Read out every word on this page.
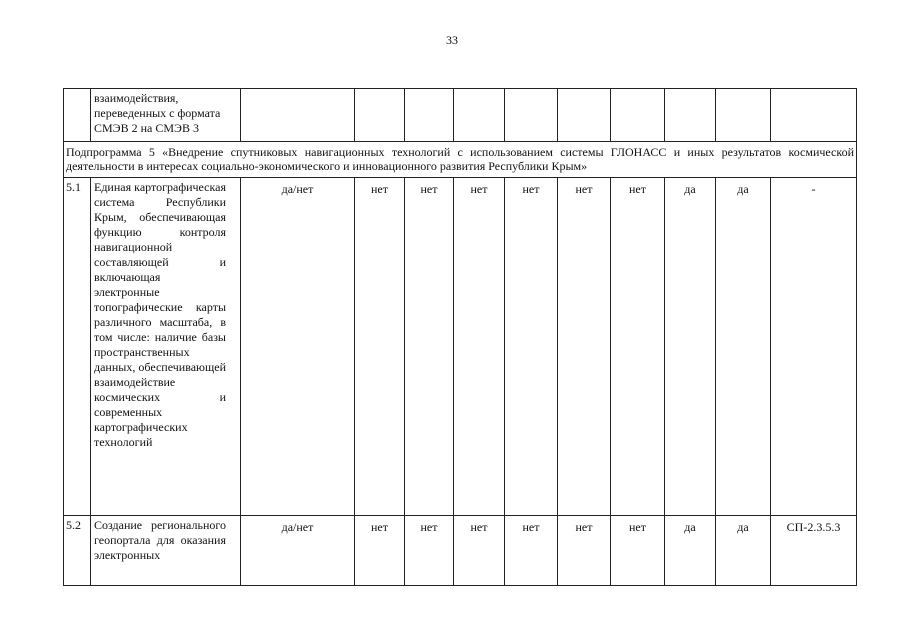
33

	взаимодействия, переведенных с формата СМЭВ 2 на СМЭВ 3										

Подпрограмма 5 «Внедрение спутниковых навигационных технологий с использованием системы ГЛОНАСС и иных результатов космической деятельности в интересах социально-экономического и инновационного развития Республики Крым»											
5.1	Единая картографическая система Республики Крым, обеспечивающая функцию контроля навигационной составляющей и включающая электронные топографические карты различного масштаба, в том числе: наличие базы пространственных данных, обеспечивающей взаимодействие космических и современных картографических технологий	да/нет	нет	нет	нет	нет	нет	нет	да	да	-
5.2	Создание регионального геопортала для оказания электронных	да/нет	нет	нет	нет	нет	нет	нет	да	да	СП-2.3.5.3
